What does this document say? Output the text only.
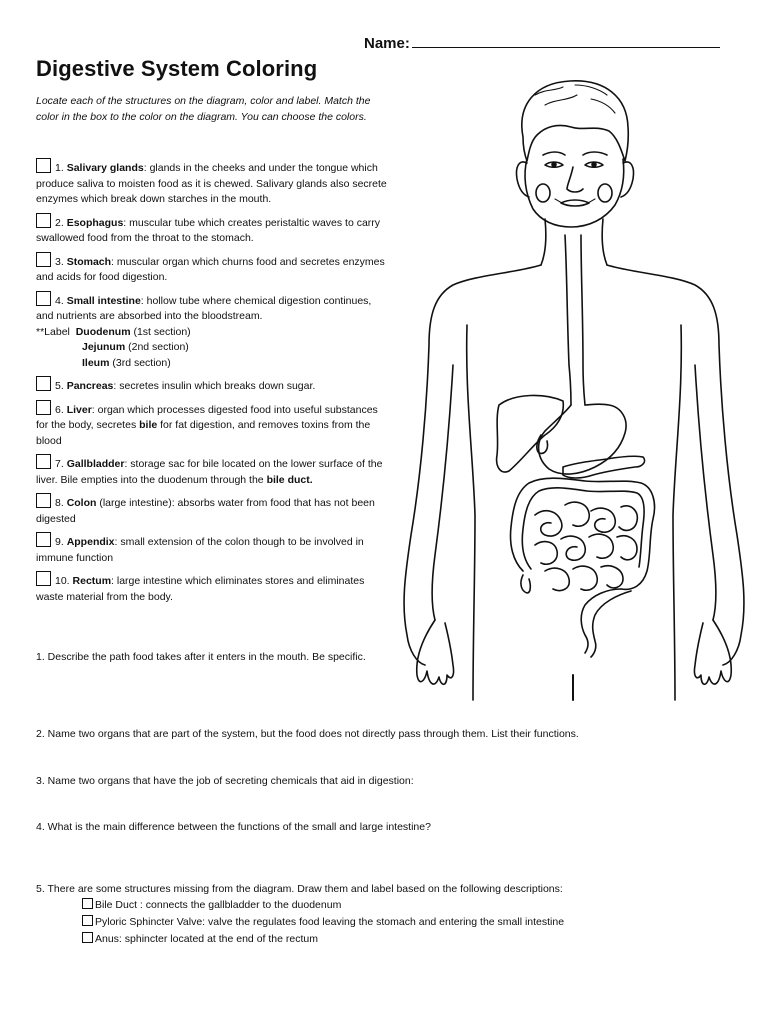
Name:
Digestive System Coloring
Locate each of the structures on the diagram, color and label. Match the color in the box to the color on the diagram. You can choose the colors.
1. Salivary glands: glands in the cheeks and under the tongue which produce saliva to moisten food as it is chewed. Salivary glands also secrete enzymes which break down starches in the mouth.
2. Esophagus: muscular tube which creates peristaltic waves to carry swallowed food from the throat to the stomach.
3. Stomach: muscular organ which churns food and secretes enzymes and acids for food digestion.
4. Small intestine: hollow tube where chemical digestion continues, and nutrients are absorbed into the bloodstream.
**Label Duodenum (1st section)
Jejunum (2nd section)
Ileum (3rd section)
5. Pancreas: secretes insulin which breaks down sugar.
6. Liver: organ which processes digested food into useful substances for the body, secretes bile for fat digestion, and removes toxins from the blood
7. Gallbladder: storage sac for bile located on the lower surface of the liver. Bile empties into the duodenum through the bile duct.
8. Colon (large intestine): absorbs water from food that has not been digested
9. Appendix: small extension of the colon though to be involved in immune function
10. Rectum: large intestine which eliminates stores and eliminates waste material from the body.
1. Describe the path food takes after it enters in the mouth. Be specific.
2. Name two organs that are part of the system, but the food does not directly pass through them. List their functions.
3. Name two organs that have the job of secreting chemicals that aid in digestion:
4. What is the main difference between the functions of the small and large intestine?
5. There are some structures missing from the diagram. Draw them and label based on the following descriptions:
Bile Duct : connects the gallbladder to the duodenum
Pyloric Sphincter Valve: valve the regulates food leaving the stomach and entering the small intestine
Anus: sphincter located at the end of the rectum
